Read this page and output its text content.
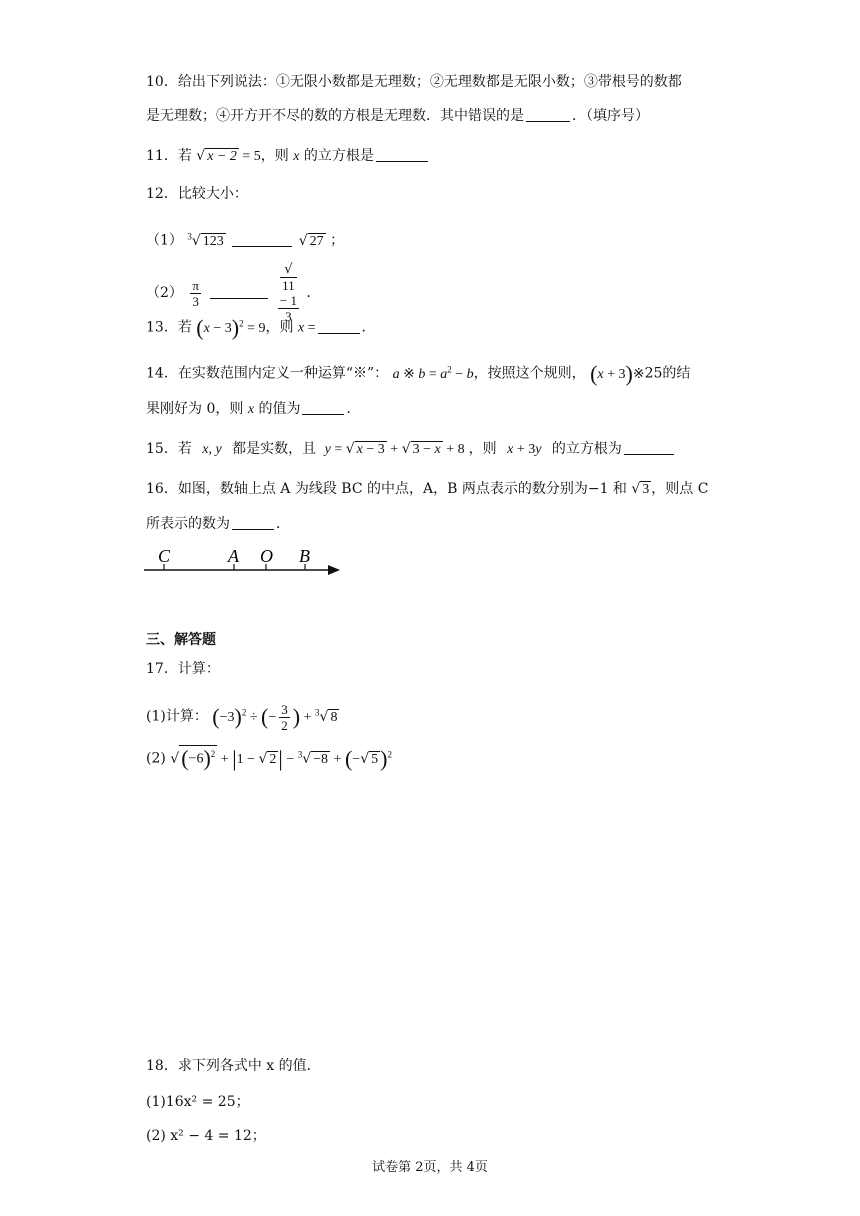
10．给出下列说法：①无限小数都是无理数；②无理数都是无限小数；③带根号的数都
是无理数；④开方开不尽的数的方根是无理数．其中错误的是	．（填序号）
11．若 √ x − 2 = 5，则 x 的立方根是
12．比较大小：
（1） $^3$√ 123	√ 27 ；
$(2) \frac{\pi}{3}$
	√
11
− 1
3 ．
13．若 $(x - 3)^2 = 9$，则 x =	．
14．在实数范围内定义一种运算“※”： a ※ $b = a^2 - b$，按照这个规则， (x + 3)※25的结
果刚好为 0，则 x 的值为	．
15．若 x, y 都是实数，且 y = √ x − 3 + √ 3 − x + 8 ，则 x + 3y 的立方根为
16．如图，数轴上点 A 为线段 BC 的中点，A，B 两点表示的数分别为−1 和 √ 3 ，则点 C
所表示的数为	．
C	A O B
三、解答题
17．计算：
(1)计算： $(-3)^2$ ÷ (− $\frac{3}{2}$ ) + $^3$√ 8
(2) $√(-6)^2 + |1$ − √ 2| − $^3$√ −8 + (−√ 5)$^2$
18．求下列各式中 x 的值．
(1)16x² = 25；
(2) x² − 4 = 12；
试卷第 2页，共 4页
